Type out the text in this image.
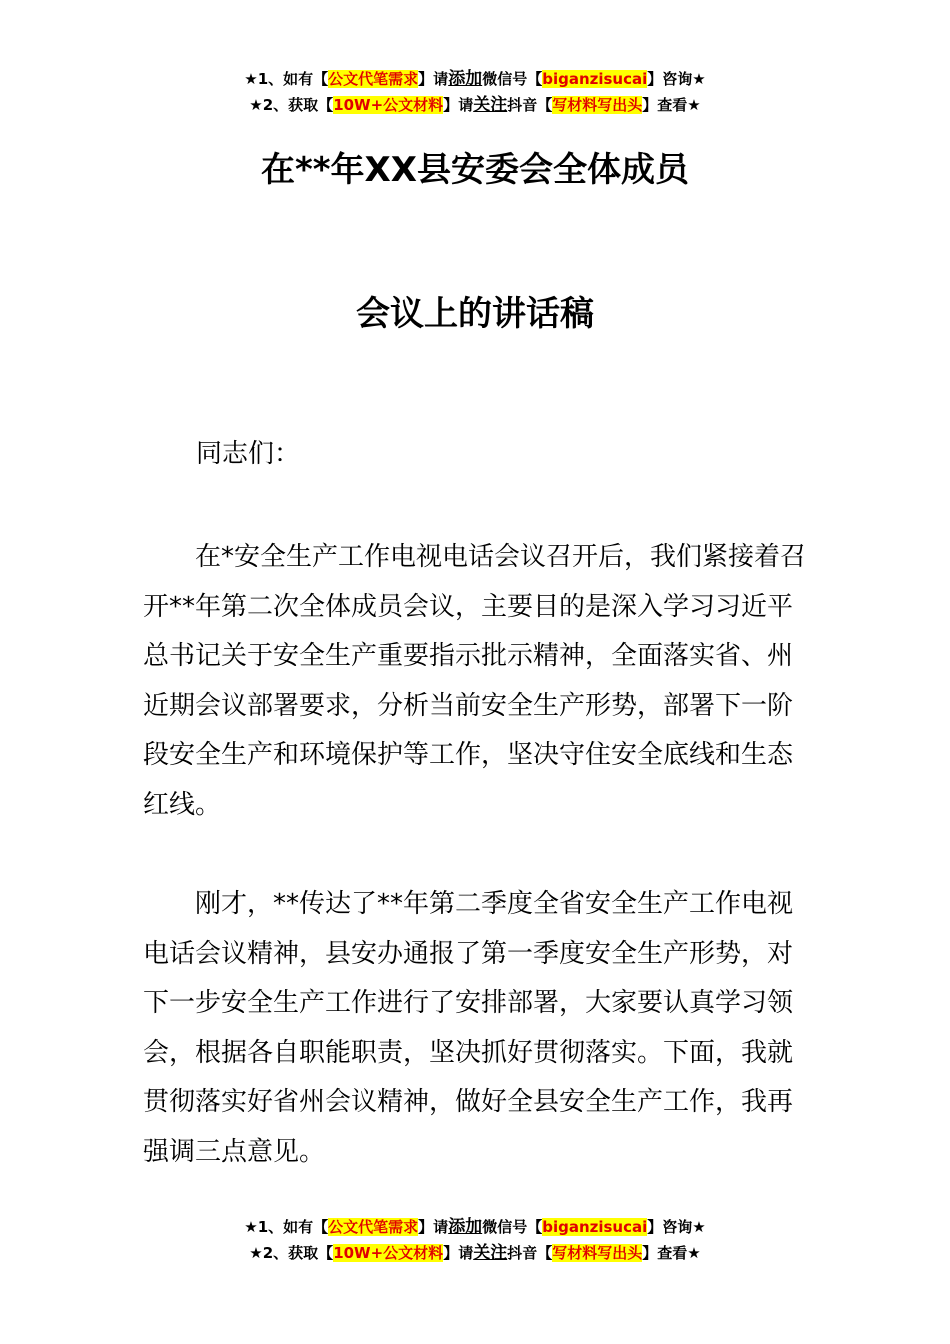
★1、如有【公文代笔需求】请添加微信号【biganzisucai】咨询★
★2、获取【10W+公文材料】请关注抖音【写材料写出头】查看★
在**年XX县安委会全体成员
会议上的讲话稿
同志们：
在*安全生产工作电视电话会议召开后，我们紧接着召
开**年第二次全体成员会议，主要目的是深入学习习近平
总书记关于安全生产重要指示批示精神，全面落实省、州
近期会议部署要求，分析当前安全生产形势，部署下一阶
段安全生产和环境保护等工作，坚决守住安全底线和生态
红线。
刚才，**传达了**年第二季度全省安全生产工作电视
电话会议精神，县安办通报了第一季度安全生产形势，对
下一步安全生产工作进行了安排部署，大家要认真学习领
会，根据各自职能职责，坚决抓好贯彻落实。下面，我就
贯彻落实好省州会议精神，做好全县安全生产工作，我再
强调三点意见。
★1、如有【公文代笔需求】请添加微信号【biganzisucai】咨询★
★2、获取【10W+公文材料】请关注抖音【写材料写出头】查看★
